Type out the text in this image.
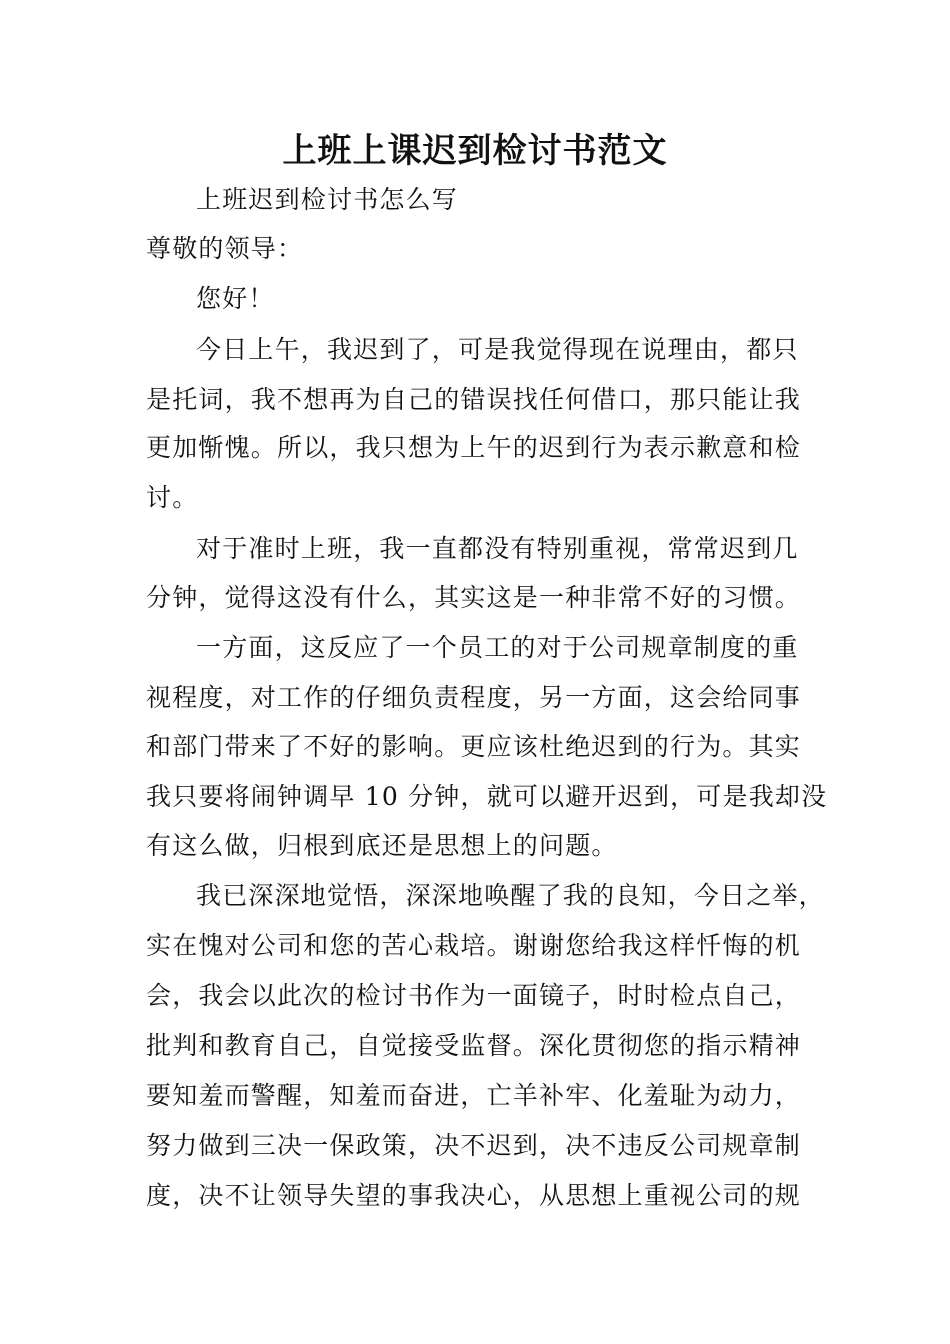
上班上课迟到检讨书范文
上班迟到检讨书怎么写
尊敬的领导：
您好！
今日上午，我迟到了，可是我觉得现在说理由，都只
是托词，我不想再为自己的错误找任何借口，那只能让我
更加惭愧。所以，我只想为上午的迟到行为表示歉意和检
讨。
对于准时上班，我一直都没有特别重视，常常迟到几
分钟，觉得这没有什么，其实这是一种非常不好的习惯。
一方面，这反应了一个员工的对于公司规章制度的重
视程度，对工作的仔细负责程度，另一方面，这会给同事
和部门带来了不好的影响。更应该杜绝迟到的行为。其实
我只要将闹钟调早 10 分钟，就可以避开迟到，可是我却没
有这么做，归根到底还是思想上的问题。
我已深深地觉悟，深深地唤醒了我的良知，今日之举，
实在愧对公司和您的苦心栽培。谢谢您给我这样忏悔的机
会，我会以此次的检讨书作为一面镜子，时时检点自己，
批判和教育自己，自觉接受监督。深化贯彻您的指示精神
要知羞而警醒，知羞而奋进，亡羊补牢、化羞耻为动力，
努力做到三决一保政策，决不迟到，决不违反公司规章制
度，决不让领导失望的事我决心，从思想上重视公司的规
